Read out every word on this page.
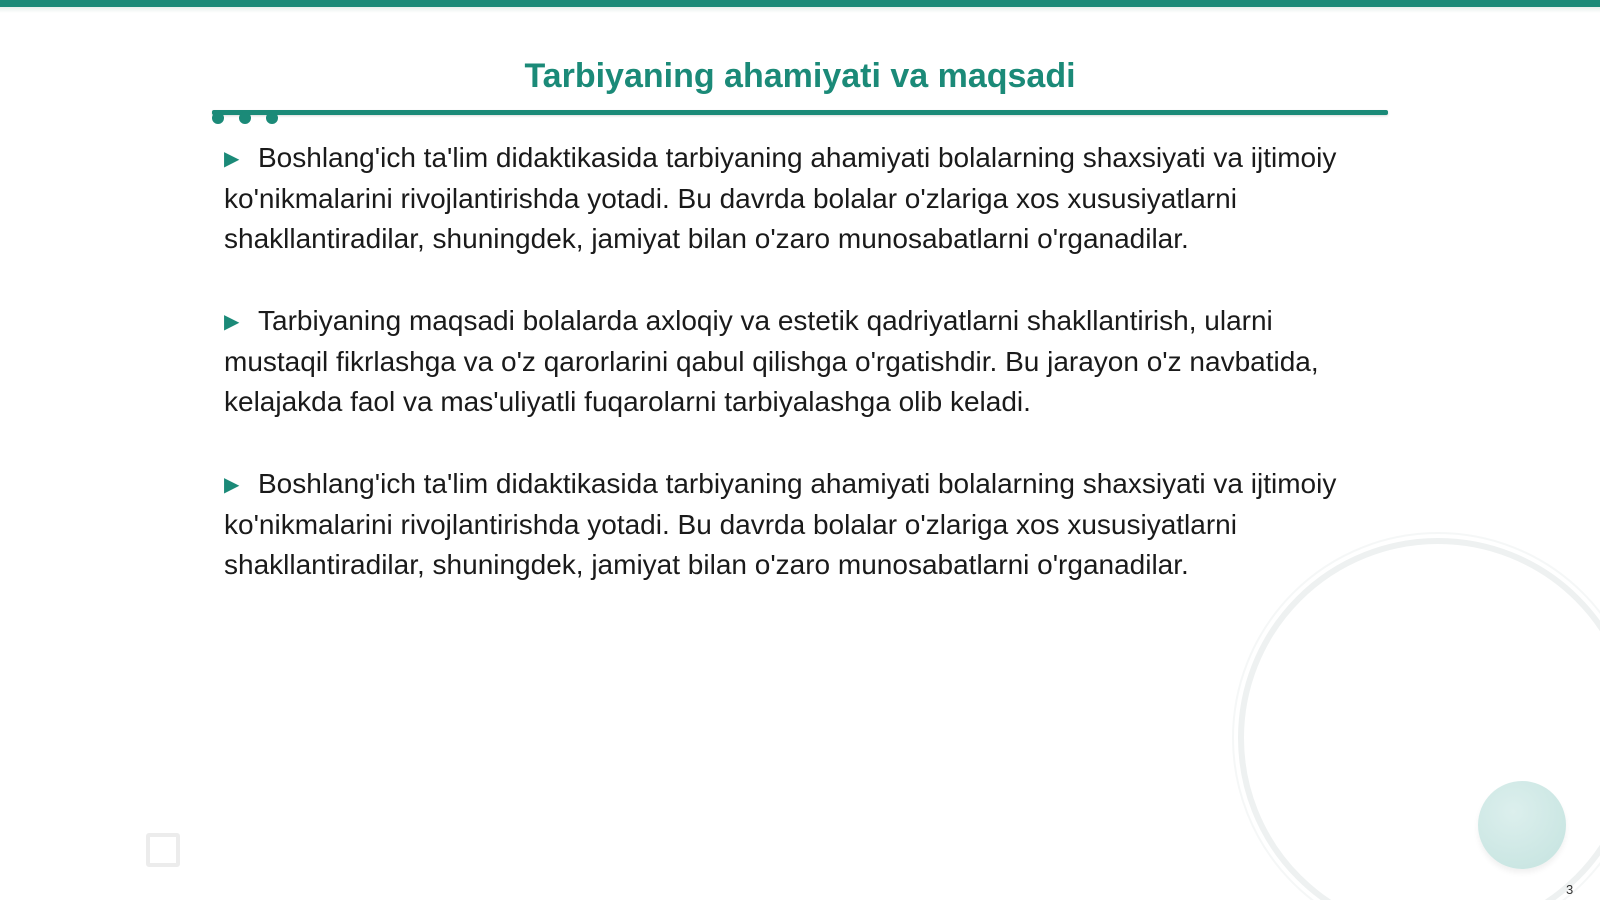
Tarbiyaning ahamiyati va maqsadi

▶ Boshlang'ich ta'lim didaktikasida tarbiyaning ahamiyati bolalarning shaxsiyati va ijtimoiy ko'nikmalarini rivojlantirishda yotadi. Bu davrda bolalar o'zlariga xos xususiyatlarni shakllantiradilar, shuningdek, jamiyat bilan o'zaro munosabatlarni o'rganadilar.

▶ Tarbiyaning maqsadi bolalarda axloqiy va estetik qadriyatlarni shakllantirish, ularni mustaqil fikrlashga va o'z qarorlarini qabul qilishga o'rgatishdir. Bu jarayon o'z navbatida, kelajakda faol va mas'uliyatli fuqarolarni tarbiyalashga olib keladi.

▶ Boshlang'ich ta'lim didaktikasida tarbiyaning ahamiyati bolalarning shaxsiyati va ijtimoiy ko'nikmalarini rivojlantirishda yotadi. Bu davrda bolalar o'zlariga xos xususiyatlarni shakllantiradilar, shuningdek, jamiyat bilan o'zaro munosabatlarni o'rganadilar.

3
